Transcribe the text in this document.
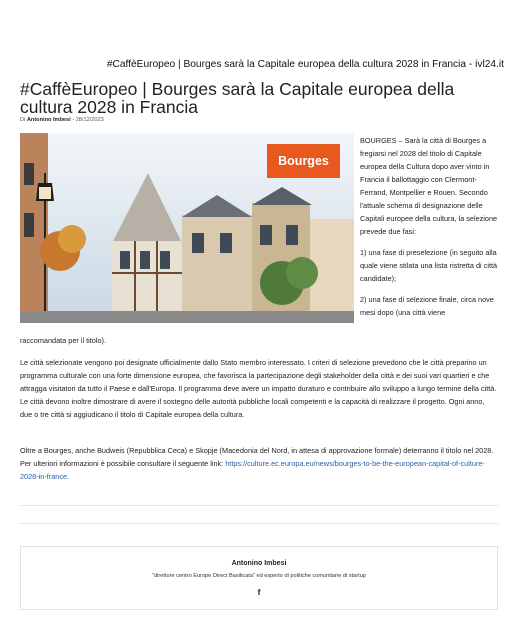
#CaffèEuropeo | Bourges sarà la Capitale europea della cultura 2028 in Francia - ivl24.it
#CaffèEuropeo | Bourges sarà la Capitale europea della cultura 2028 in Francia
Di Antonino Imbesi - 28/12/2023
Bourges

BOURGES – Sarà la città di Bourges a fregiarsi nel 2028 del titolo di Capitale europea della Cultura dopo aver vinto in Francia il ballottaggio con Clermont-Ferrand, Montpellier e Rouen. Secondo l'attuale schema di designazione delle Capitali europee della cultura, la selezione prevede due fasi:

1) una fase di preselezione (in seguito alla quale viene stilata una lista ristretta di città candidate);

2) una fase di selezione finale, circa nove mesi dopo (una città viene

raccomandata per il titolo).

Le città selezionate vengono poi designate ufficialmente dallo Stato membro interessato. I criteri di selezione prevedono che le città preparino un programma culturale con una forte dimensione europea, che favorisca la partecipazione degli stakeholder della città e dei suoi vari quartieri e che attragga visitatori da tutto il Paese e dall'Europa. Il programma deve avere un impatto duraturo e contribuire allo sviluppo a lungo termine della città. Le città devono inoltre dimostrare di avere il sostegno delle autorità pubbliche locali competenti e la capacità di realizzare il progetto. Ogni anno, due o tre città si aggiudicano il titolo di Capitale europea della cultura.

Oltre a Bourges, anche Budweis (Repubblica Ceca) e Skopje (Macedonia del Nord, in attesa di approvazione formale) deterranno il titolo nel 2028. Per ulteriori informazioni è possibile consultare il seguente link: https://culture.ec.europa.eu/news/bourges-to-be-the-european-capital-of-culture-2028-in-france.

Antonino Imbesi
"direttore centro Europe Direct Basilicata" ed esperto di politiche comunitarie di startup
f
